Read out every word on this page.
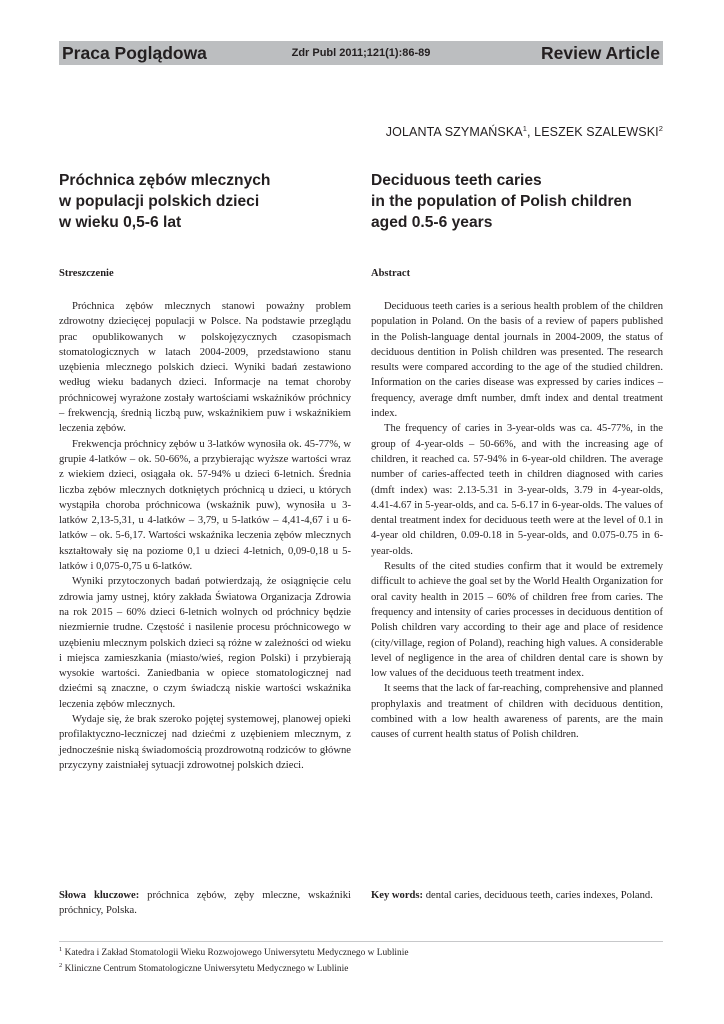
Praca Poglądowa	Zdr Publ 2011;121(1):86-89	Review Article
JOLANTA SZYMAŃSKA$^1$, LESZEK SZALEWSKI$^2$
Próchnica zębów mlecznych
w populacji polskich dzieci
w wieku 0,5-6 lat
Deciduous teeth caries
in the population of Polish children
aged 0.5-6 years
Streszczenie	Abstract

Próchnica zębów mlecznych stanowi poważny problem zdrowotny dziecięcej populacji w Polsce. Na podstawie przeglądu prac opublikowanych w polskojęzycznych czasopismach stomatologicznych w latach 2004-2009, przedstawiono stanu uzębienia mlecznego polskich dzieci. Wyniki badań zestawiono według wieku badanych dzieci. Informacje na temat choroby próchnicowej wyrażone zostały wartościami wskaźników próchnicy – frekwencją, średnią liczbą puw, wskaźnikiem puw i wskaźnikiem leczenia zębów.

Frekwencja próchnicy zębów u 3-latków wynosiła ok. 45-77%, w grupie 4-latków – ok. 50-66%, a przybierając wyższe wartości wraz z wiekiem dzieci, osiągała ok. 57-94% u dzieci 6-letnich. Średnia liczba zębów mlecznych dotkniętych próchnicą u dzieci, u których wystąpiła choroba próchnicowa (wskaźnik puw), wynosiła u 3-latków 2,13-5,31, u 4-latków – 3,79, u 5-latków – 4,41-4,67 i u 6-latków – ok. 5-6,17. Wartości wskaźnika leczenia zębów mlecznych kształtowały się na poziome 0,1 u dzieci 4-letnich, 0,09-0,18 u 5-latków i 0,075-0,75 u 6-latków.

Wyniki przytoczonych badań potwierdzają, że osiągnięcie celu zdrowia jamy ustnej, który zakłada Światowa Organizacja Zdrowia na rok 2015 – 60% dzieci 6-letnich wolnych od próchnicy będzie niezmiernie trudne. Częstość i nasilenie procesu próchnicowego w uzębieniu mlecznym polskich dzieci są różne w zależności od wieku i miejsca zamieszkania (miasto/wieś, region Polski) i przybierają wysokie wartości. Zaniedbania w opiece stomatologicznej nad dziećmi są znaczne, o czym świadczą niskie wartości wskaźnika leczenia zębów mlecznych.

Wydaje się, że brak szeroko pojętej systemowej, planowej opieki profilaktyczno-leczniczej nad dziećmi z uzębieniem mlecznym, z jednocześnie niską świadomością prozdrowotną rodziców to główne przyczyny zaistniałej sytuacji zdrowotnej polskich dzieci.

Deciduous teeth caries is a serious health problem of the children population in Poland. On the basis of a review of papers published in the Polish-language dental journals in 2004-2009, the status of deciduous dentition in Polish children was presented. The research results were compared according to the age of the studied children. Information on the caries disease was expressed by caries indices – frequency, average dmft number, dmft index and dental treatment index.

The frequency of caries in 3-year-olds was ca. 45-77%, in the group of 4-year-olds – 50-66%, and with the increasing age of children, it reached ca. 57-94% in 6-year-old children. The average number of caries-affected teeth in children diagnosed with caries (dmft index) was: 2.13-5.31 in 3-year-olds, 3.79 in 4-year-olds, 4.41-4.67 in 5-year-olds, and ca. 5-6.17 in 6-year-olds. The values of dental treatment index for deciduous teeth were at the level of 0.1 in 4-year old children, 0.09-0.18 in 5-year-olds, and 0.075-0.75 in 6-year-olds.

Results of the cited studies confirm that it would be extremely difficult to achieve the goal set by the World Health Organization for oral cavity health in 2015 – 60% of children free from caries. The frequency and intensity of caries processes in deciduous dentition of Polish children vary according to their age and place of residence (city/village, region of Poland), reaching high values. A considerable level of negligence in the area of children dental care is shown by low values of the deciduous teeth treatment index.

It seems that the lack of far-reaching, comprehensive and planned prophylaxis and treatment of children with deciduous dentition, combined with a low health awareness of parents, are the main causes of current health status of Polish children.

Słowa kluczowe: próchnica zębów, zęby mleczne, wskaźniki próchnicy, Polska.
Key words: dental caries, deciduous teeth, caries indexes, Poland.
$^1$ Katedra i Zakład Stomatologii Wieku Rozwojowego Uniwersytetu Medycznego w Lublinie
$^2$ Kliniczne Centrum Stomatologiczne Uniwersytetu Medycznego w Lublinie
